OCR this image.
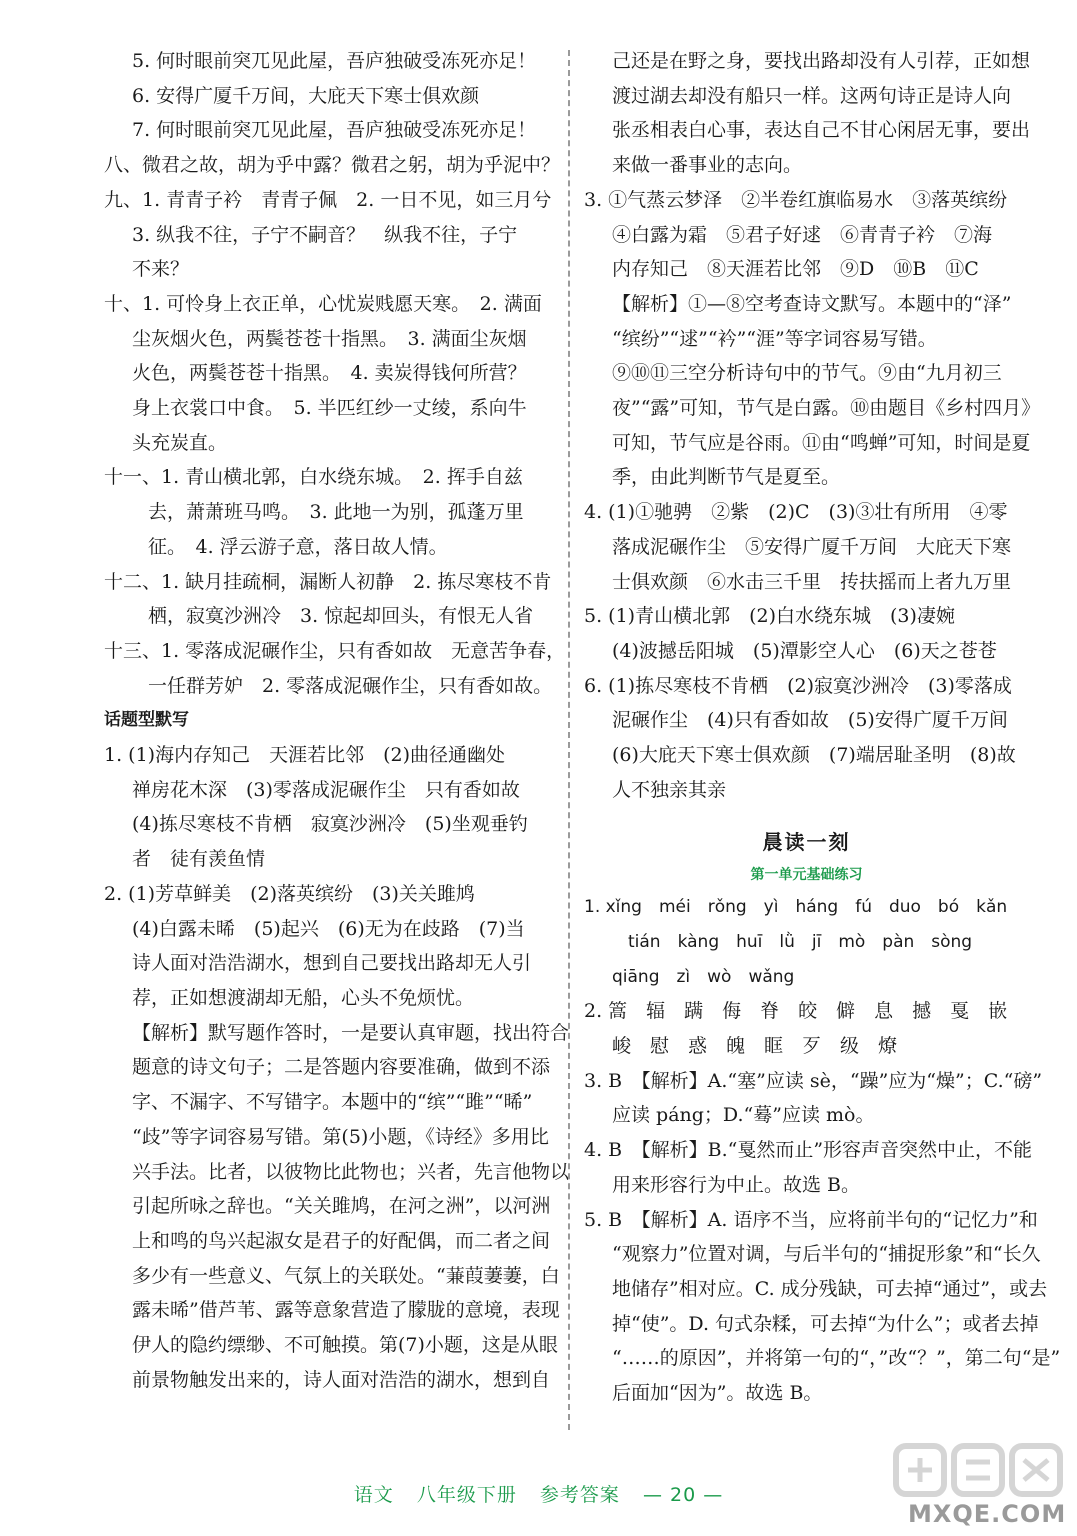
5. 何时眼前突兀见此屋，吾庐独破受冻死亦足！
6. 安得广厦千万间，大庇天下寒士俱欢颜
7. 何时眼前突兀见此屋，吾庐独破受冻死亦足！
八、微君之故，胡为乎中露？微君之躬，胡为乎泥中？
九、1. 青青子衿　青青子佩　2. 一日不见，如三月兮
3. 纵我不往，子宁不嗣音？　纵我不往，子宁
不来？
十、1. 可怜身上衣正单，心忧炭贱愿天寒。　2. 满面
尘灰烟火色，两鬓苍苍十指黑。　3. 满面尘灰烟
火色，两鬓苍苍十指黑。　4. 卖炭得钱何所营？
身上衣裳口中食。　5. 半匹红纱一丈绫，系向牛
头充炭直。
十一、1. 青山横北郭，白水绕东城。　2. 挥手自兹
去，萧萧班马鸣。　3. 此地一为别，孤蓬万里
征。　4. 浮云游子意，落日故人情。
十二、1. 缺月挂疏桐，漏断人初静　2. 拣尽寒枝不肯
栖，寂寞沙洲冷　3. 惊起却回头，有恨无人省
十三、1. 零落成泥碾作尘，只有香如故　无意苦争春，
一任群芳妒　2. 零落成泥碾作尘，只有香如故。
话题型默写
1. (1)海内存知己　天涯若比邻　(2)曲径通幽处
禅房花木深　(3)零落成泥碾作尘　只有香如故
(4)拣尽寒枝不肯栖　寂寞沙洲冷　(5)坐观垂钓
者　徒有羡鱼情
2. (1)芳草鲜美　(2)落英缤纷　(3)关关雎鸠
(4)白露未晞　(5)起兴　(6)无为在歧路　(7)当
诗人面对浩浩湖水，想到自己要找出路却无人引
荐，正如想渡湖却无船，心头不免烦忧。
【解析】默写题作答时，一是要认真审题，找出符合
题意的诗文句子；二是答题内容要准确，做到不添
字、不漏字、不写错字。本题中的“缤”“雎”“晞”
“歧”等字词容易写错。第(5)小题，《诗经》多用比
兴手法。比者，以彼物比此物也；兴者，先言他物以
引起所咏之辞也。“关关雎鸠，在河之洲”，以河洲
上和鸣的鸟兴起淑女是君子的好配偶，而二者之间
多少有一些意义、气氛上的关联处。“蒹葭萋萋，白
露未晞”借芦苇、露等意象营造了朦胧的意境，表现
伊人的隐约缥缈、不可触摸。第(7)小题，这是从眼
前景物触发出来的，诗人面对浩浩的湖水，想到自
己还是在野之身，要找出路却没有人引荐，正如想
渡过湖去却没有船只一样。这两句诗正是诗人向
张丞相表白心事，表达自己不甘心闲居无事，要出
来做一番事业的志向。
3. ①气蒸云梦泽　②半卷红旗临易水　③落英缤纷
④白露为霜　⑤君子好逑　⑥青青子衿　⑦海
内存知己　⑧天涯若比邻　⑨D　⑩B　⑪C
【解析】①—⑧空考查诗文默写。本题中的“泽”
“缤纷”“逑”“衿”“涯”等字词容易写错。
⑨⑩⑪三空分析诗句中的节气。⑨由“九月初三
夜”“露”可知，节气是白露。⑩由题目《乡村四月》
可知，节气应是谷雨。⑪由“鸣蝉”可知，时间是夏
季，由此判断节气是夏至。
4. (1)①驰骋　②紫　(2)C　(3)③壮有所用　④零
落成泥碾作尘　⑤安得广厦千万间　大庇天下寒
士俱欢颜　⑥水击三千里　抟扶摇而上者九万里
5. (1)青山横北郭　(2)白水绕东城　(3)凄婉
(4)波撼岳阳城　(5)潭影空人心　(6)天之苍苍
6. (1)拣尽寒枝不肯栖　(2)寂寞沙洲冷　(3)零落成
泥碾作尘　(4)只有香如故　(5)安得广厦千万间
(6)大庇天下寒士俱欢颜　(7)端居耻圣明　(8)故
人不独亲其亲
晨读一刻
第一单元基础练习
1. xǐng　méi　rǒng　yì　háng　fú　duo　bó　kǎn
tián　kàng　huī　lǜ　jī　mò　pàn　sòng
qiāng　zì　wò　wǎng
2. 篙　辐　蹒　侮　脊　皎　僻　息　撼　戛　嵌
峻　慰　惑　魄　眶　歹　级　燎
3. B　【解析】A.“塞”应读 sè，“躁”应为“燥”；C.“磅”
应读 páng；D.“蓦”应读 mò。
4. B　【解析】B.“戛然而止”形容声音突然中止，不能
用来形容行为中止。故选 B。
5. B　【解析】A. 语序不当，应将前半句的“记忆力”和
“观察力”位置对调，与后半句的“捕捉形象”和“长久
地储存”相对应。C. 成分残缺，可去掉“通过”，或去
掉“使”。D. 句式杂糅，可去掉“为什么”；或者去掉
“……的原因”，并将第一句的“，”改“？”，第二句“是”
后面加“因为”。故选 B。
语文 八年级下册 参考答案 — 20 —
MXQE.COM
